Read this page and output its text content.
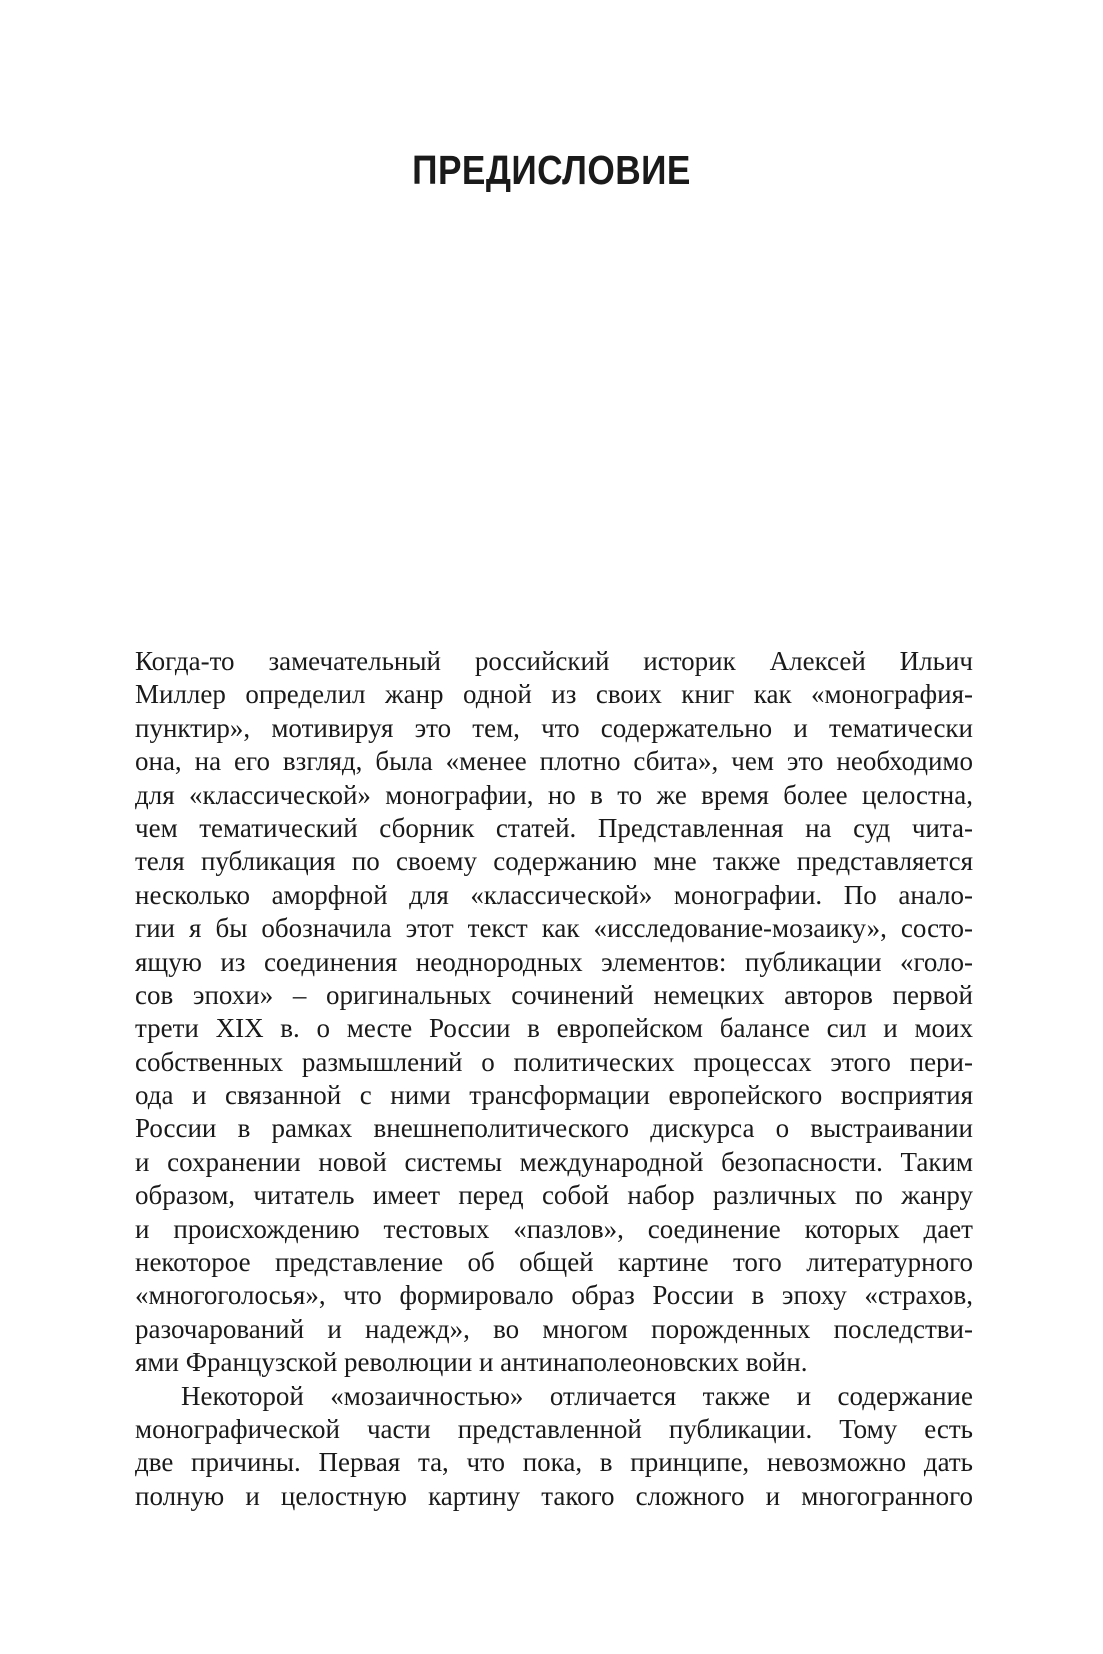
ПРЕДИСЛОВИЕ
Когда-то замечательный российский историк Алексей Ильич
Миллер определил жанр одной из своих книг как «монография-
пунктир», мотивируя это тем, что содержательно и тематически
она, на его взгляд, была «менее плотно сбита», чем это необходимо
для «классической» монографии, но в то же время более целостна,
чем тематический сборник статей. Представленная на суд чита-
теля публикация по своему содержанию мне также представляется
несколько аморфной для «классической» монографии. По анало-
гии я бы обозначила этот текст как «исследование-мозаику», состо-
ящую из соединения неоднородных элементов: публикации «голо-
сов эпохи» – оригинальных сочинений немецких авторов первой
трети XIX в. о месте России в европейском балансе сил и моих
собственных размышлений о политических процессах этого пери-
ода и связанной с ними трансформации европейского восприятия
России в рамках внешнеполитического дискурса о выстраивании
и сохранении новой системы международной безопасности. Таким
образом, читатель имеет перед собой набор различных по жанру
и происхождению тестовых «пазлов», соединение которых дает
некоторое представление об общей картине того литературного
«многоголосья», что формировало образ России в эпоху «страхов,
разочарований и надежд», во многом порожденных последстви-
ями Французской революции и антинаполеоновских войн.
Некоторой «мозаичностью» отличается также и содержание
монографической части представленной публикации. Тому есть
две причины. Первая та, что пока, в принципе, невозможно дать
полную и целостную картину такого сложного и многогранного
